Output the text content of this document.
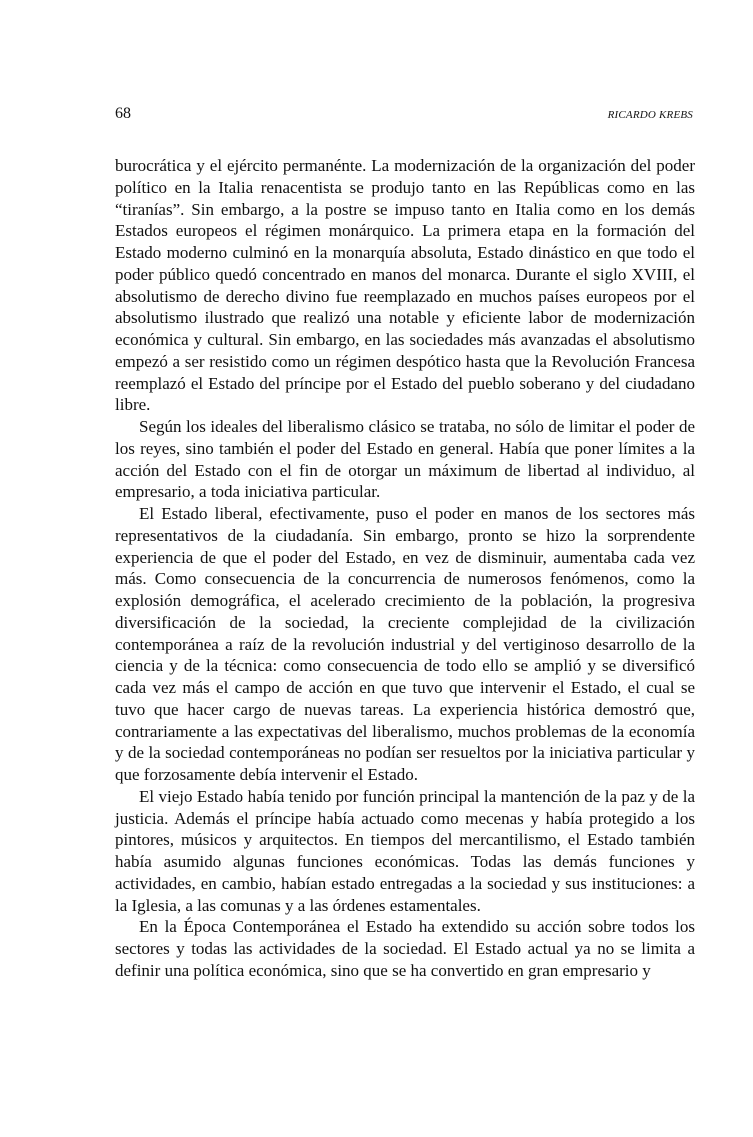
68	RICARDO KREBS

burocrática y el ejército permanénte. La modernización de la organización del poder político en la Italia renacentista se produjo tanto en las Repúblicas como en las “tiranías”. Sin embargo, a la postre se impuso tanto en Italia como en los demás Estados europeos el régimen monárquico. La primera etapa en la formación del Estado moderno culminó en la monarquía absoluta, Estado dinástico en que todo el poder público quedó concentrado en manos del monarca. Durante el siglo XVIII, el absolutismo de derecho divino fue reemplazado en muchos países europeos por el absolutismo ilustrado que realizó una notable y eficiente labor de modernización económica y cultural. Sin embargo, en las sociedades más avanzadas el absolutismo empezó a ser resistido como un régimen despótico hasta que la Revolución Francesa reemplazó el Estado del príncipe por el Estado del pueblo soberano y del ciudadano libre.

Según los ideales del liberalismo clásico se trataba, no sólo de limitar el poder de los reyes, sino también el poder del Estado en general. Había que poner límites a la acción del Estado con el fin de otorgar un máximum de libertad al individuo, al empresario, a toda iniciativa particular.

El Estado liberal, efectivamente, puso el poder en manos de los sectores más representativos de la ciudadanía. Sin embargo, pronto se hizo la sorprendente experiencia de que el poder del Estado, en vez de disminuir, aumentaba cada vez más. Como consecuencia de la concurrencia de numerosos fenómenos, como la explosión demográfica, el acelerado crecimiento de la población, la progresiva diversificación de la sociedad, la creciente complejidad de la civilización contemporánea a raíz de la revolución industrial y del vertiginoso desarrollo de la ciencia y de la técnica: como consecuencia de todo ello se amplió y se diversificó cada vez más el campo de acción en que tuvo que intervenir el Estado, el cual se tuvo que hacer cargo de nuevas tareas. La experiencia histórica demostró que, contrariamente a las expectativas del liberalismo, muchos problemas de la economía y de la sociedad contemporáneas no podían ser resueltos por la iniciativa particular y que forzosamente debía intervenir el Estado.

El viejo Estado había tenido por función principal la mantención de la paz y de la justicia. Además el príncipe había actuado como mecenas y había protegido a los pintores, músicos y arquitectos. En tiempos del mercantilismo, el Estado también había asumido algunas funciones económicas. Todas las demás funciones y actividades, en cambio, habían estado entregadas a la sociedad y sus instituciones: a la Iglesia, a las comunas y a las órdenes estamentales.

En la Época Contemporánea el Estado ha extendido su acción sobre todos los sectores y todas las actividades de la sociedad. El Estado actual ya no se limita a definir una política económica, sino que se ha convertido en gran empresario y
